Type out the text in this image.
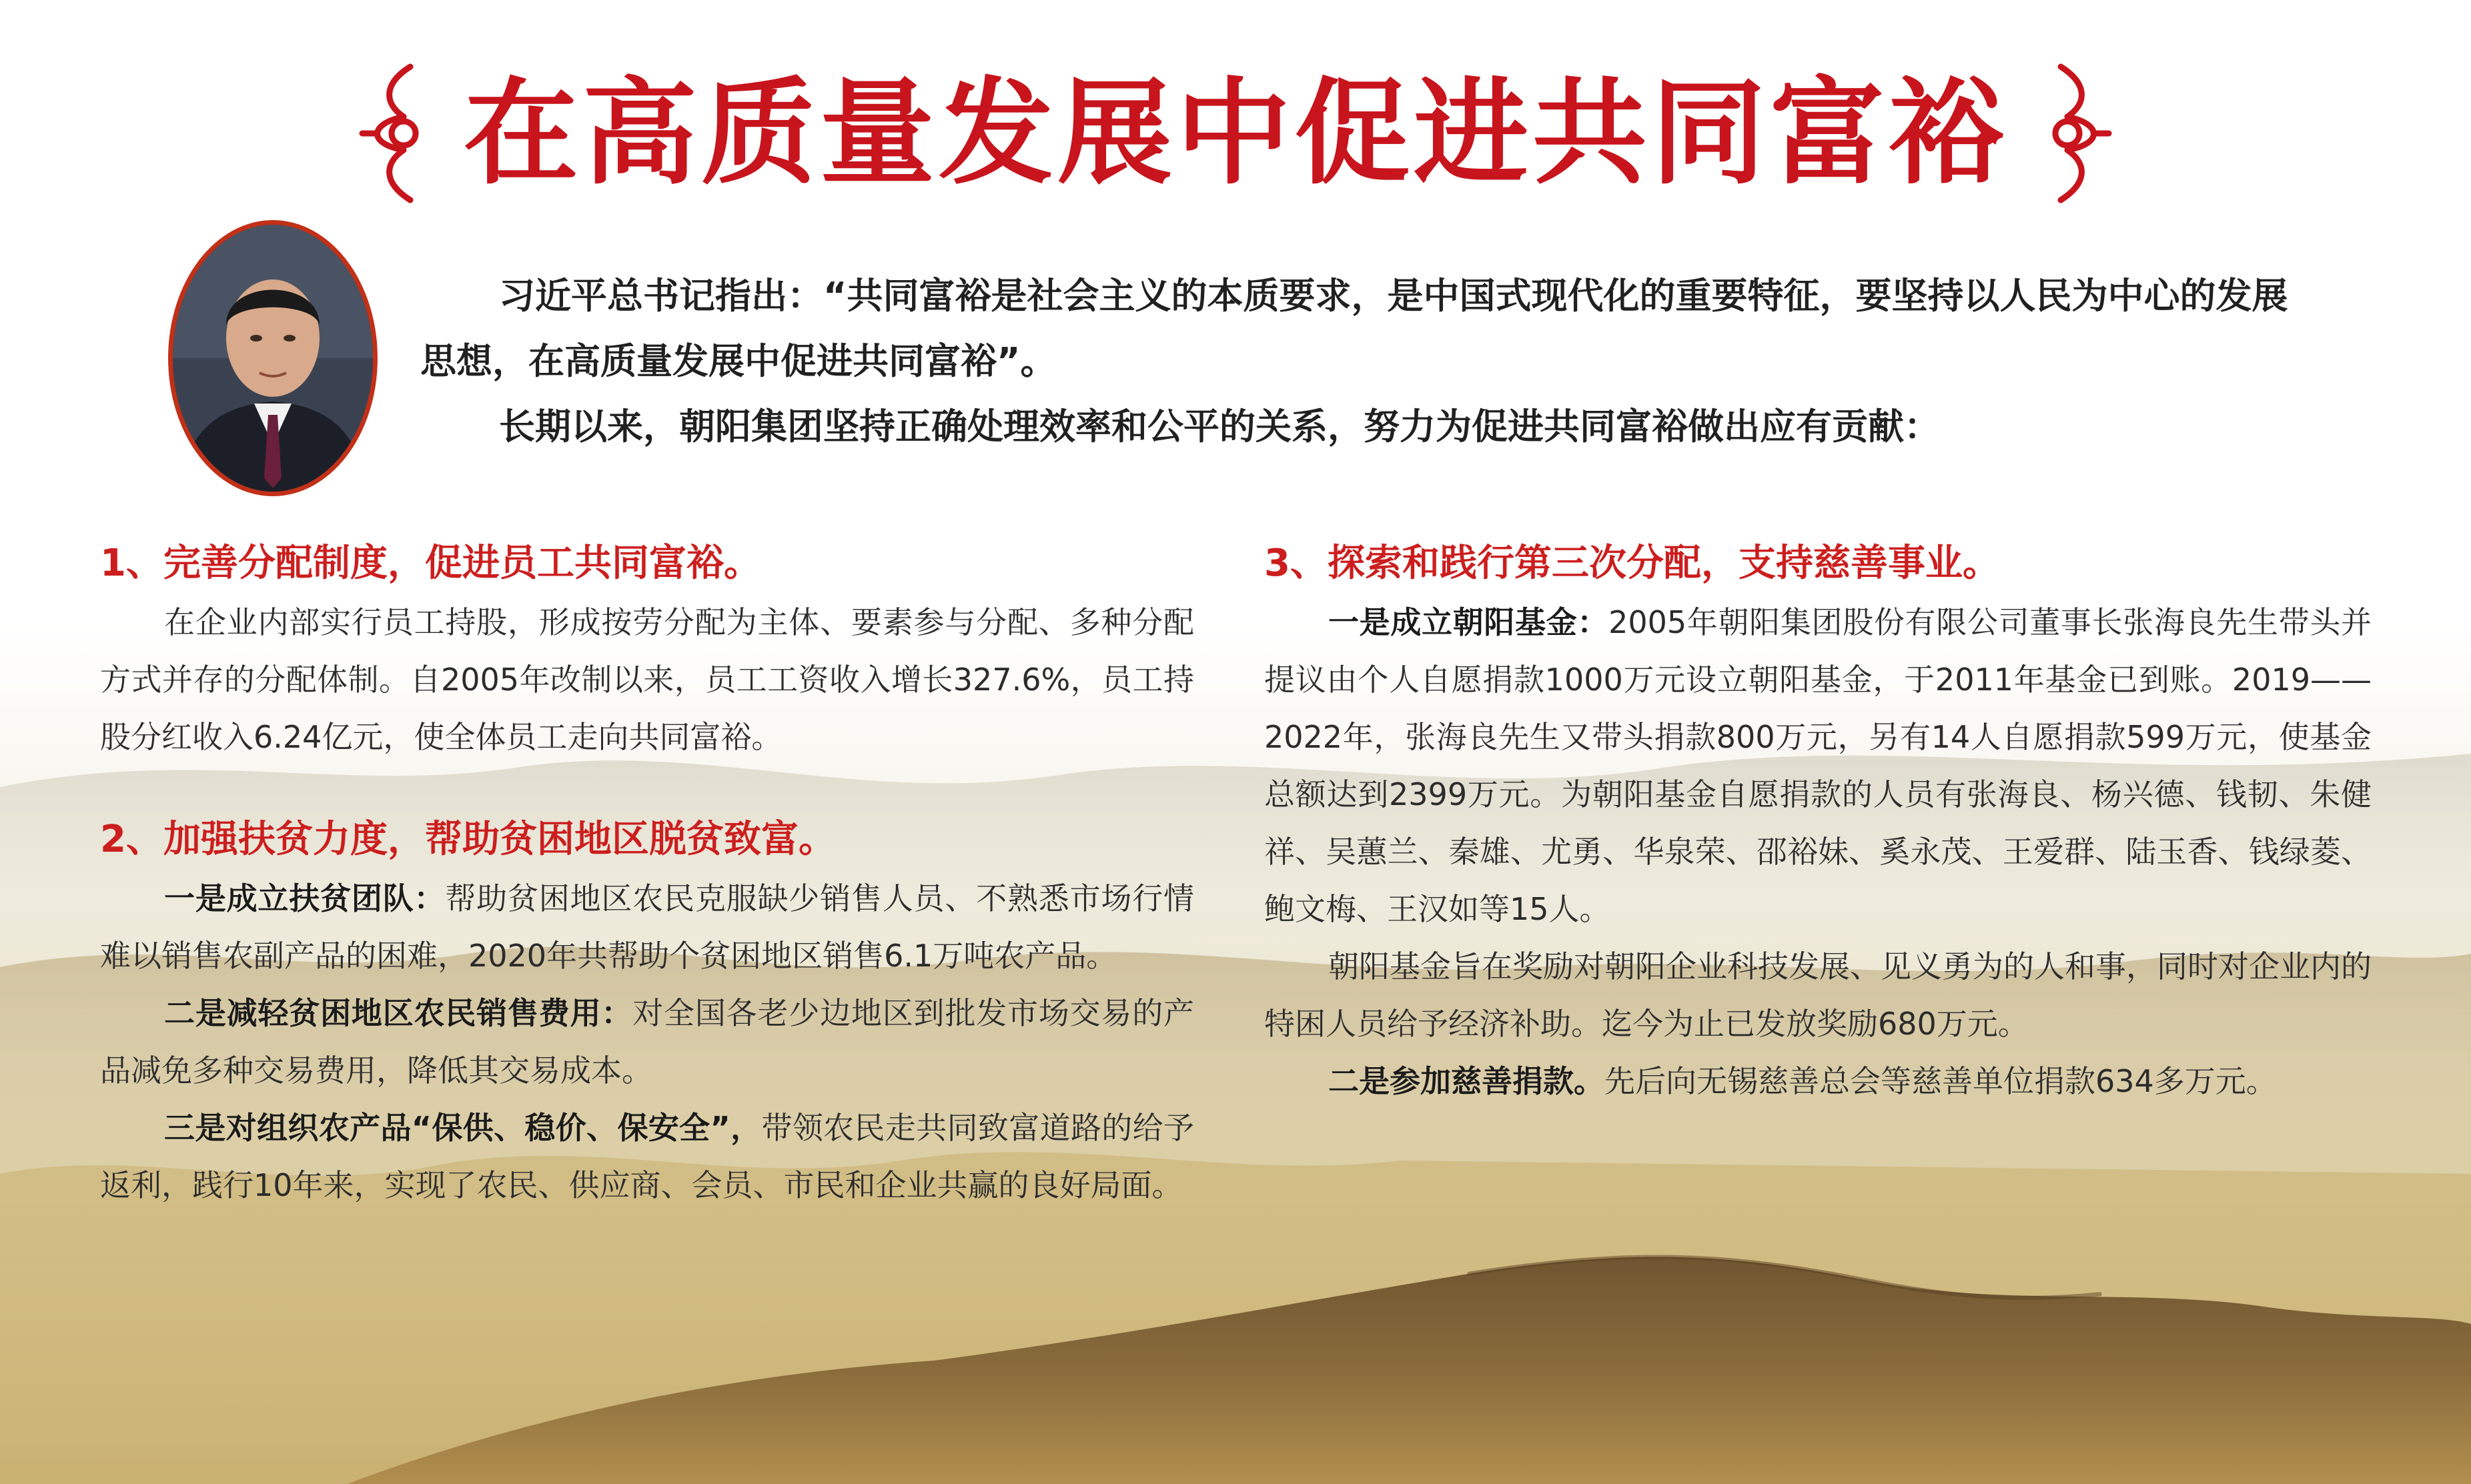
在高质量发展中促进共同富裕

习近平总书记指出：“共同富裕是社会主义的本质要求，是中国式现代化的重要特征，要坚持以人民为中心的发展思想，在高质量发展中促进共同富裕”。

长期以来，朝阳集团坚持正确处理效率和公平的关系，努力为促进共同富裕做出应有贡献：

1、完善分配制度，促进员工共同富裕。

在企业内部实行员工持股，形成按劳分配为主体、要素参与分配、多种分配方式并存的分配体制。自2005年改制以来，员工工资收入增长327.6%，员工持股分红收入6.24亿元，使全体员工走向共同富裕。

2、加强扶贫力度，帮助贫困地区脱贫致富。

一是成立扶贫团队：帮助贫困地区农民克服缺少销售人员、不熟悉市场行情难以销售农副产品的困难，2020年共帮助个贫困地区销售6.1万吨农产品。

二是减轻贫困地区农民销售费用：对全国各老少边地区到批发市场交易的产品减免多种交易费用，降低其交易成本。

三是对组织农产品“保供、稳价、保安全”，带领农民走共同致富道路的给予返利，践行10年来，实现了农民、供应商、会员、市民和企业共赢的良好局面。

3、探索和践行第三次分配，支持慈善事业。

一是成立朝阳基金：2005年朝阳集团股份有限公司董事长张海良先生带头并提议由个人自愿捐款1000万元设立朝阳基金，于2011年基金已到账。2019——2022年，张海良先生又带头捐款800万元，另有14人自愿捐款599万元，使基金总额达到2399万元。为朝阳基金自愿捐款的人员有张海良、杨兴德、钱韧、朱健祥、吴蕙兰、秦雄、尤勇、华泉荣、邵裕妹、奚永茂、王爱群、陆玉香、钱绿菱、鲍文梅、王汉如等15人。

朝阳基金旨在奖励对朝阳企业科技发展、见义勇为的人和事，同时对企业内的特困人员给予经济补助。迄今为止已发放奖励680万元。

二是参加慈善捐款。先后向无锡慈善总会等慈善单位捐款634多万元。
